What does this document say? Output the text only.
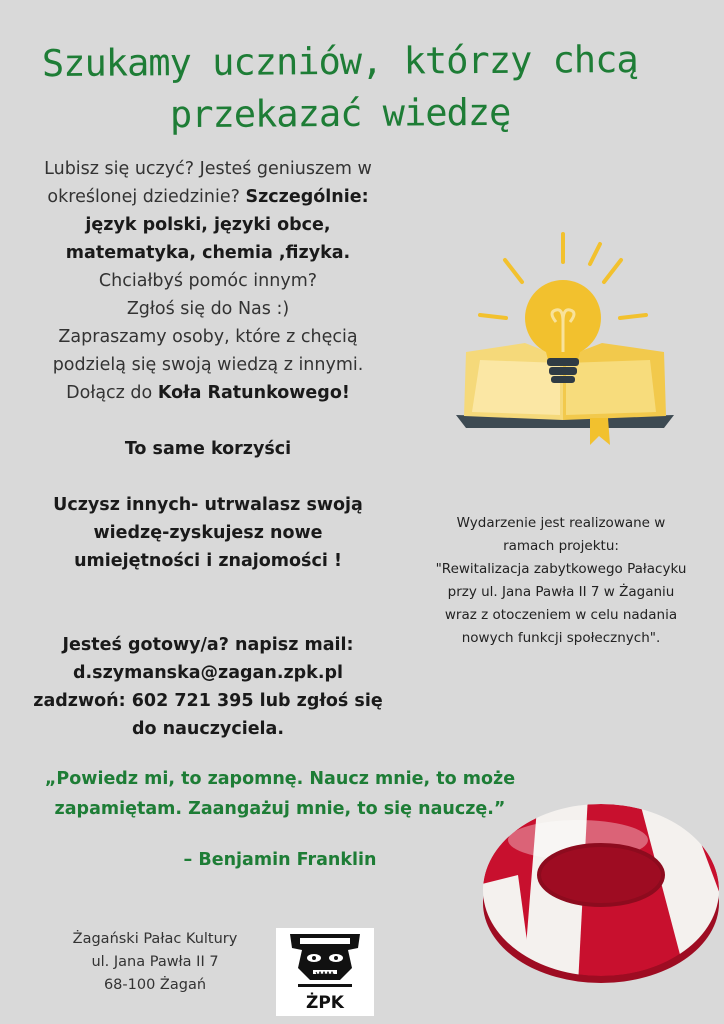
Szukamy uczniów, którzy chcą
przekazać wiedzę
Lubisz się uczyć? Jesteś geniuszem w
określonej dziedzinie? Szczególnie:
język polski, języki obce,
matematyka, chemia ,fizyka.
Chciałbyś pomóc innym?
Zgłoś się do Nas :)
Zapraszamy osoby, które z chęcią
podzielą się swoją wiedzą z innymi.
Dołącz do Koła Ratunkowego!
To same korzyści
Uczysz innych- utrwalasz swoją
wiedzę-zyskujesz nowe
umiejętności i znajomości !
Jesteś gotowy/a? napisz mail:
d.szymanska@zagan.zpk.pl
zadzwoń: 602 721 395 lub zgłoś się
do nauczyciela.
Wydarzenie jest realizowane w
ramach projektu:
"Rewitalizacja zabytkowego Pałacyku
przy ul. Jana Pawła II 7 w Żaganiu
wraz z otoczeniem w celu nadania
nowych funkcji społecznych".
„Powiedz mi, to zapomnę. Naucz mnie, to może
zapamiętam. Zaangażuj mnie, to się nauczę.”
– Benjamin Franklin
Żagański Pałac Kultury
ul. Jana Pawła II 7
68-100 Żagań
ŻPK
